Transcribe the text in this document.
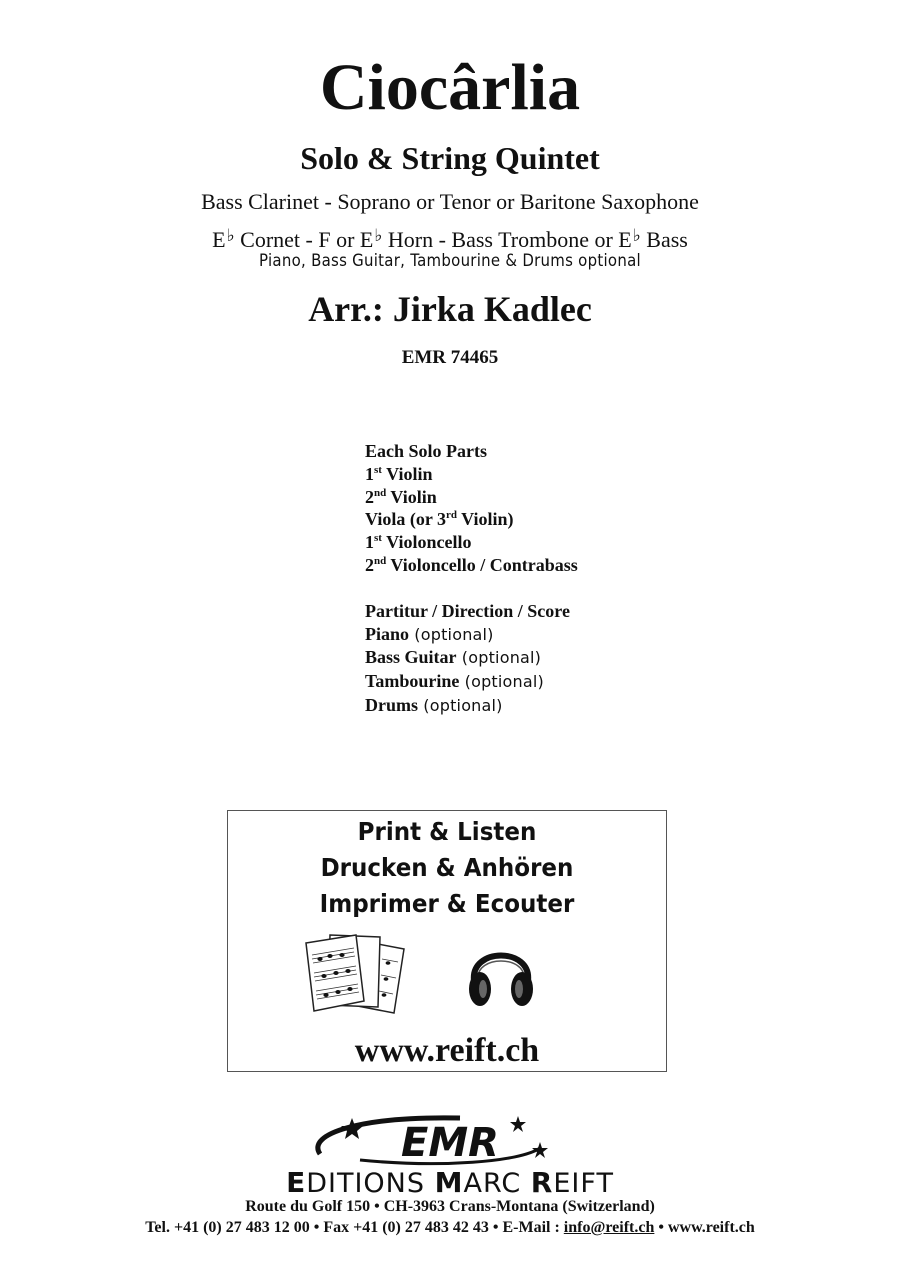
Ciocârlia
Solo & String Quintet
Bass Clarinet - Soprano or Tenor or Baritone Saxophone
E♭ Cornet - F or E♭ Horn - Bass Trombone or E♭ Bass
Piano, Bass Guitar, Tambourine & Drums optional
Arr.: Jirka Kadlec
EMR 74465
Each Solo Parts
1st Violin
2nd Violin
Viola (or 3rd Violin)
1st Violoncello
2nd Violoncello / Contrabass
Partitur / Direction / Score
Piano (optional)
Bass Guitar (optional)
Tambourine (optional)
Drums (optional)
Print & Listen
Drucken & Anhören
Imprimer & Ecouter
www.reift.ch
EMR
EDITIONS MARC REIFT
Route du Golf 150 • CH-3963 Crans-Montana (Switzerland)
Tel. +41 (0) 27 483 12 00 • Fax +41 (0) 27 483 42 43 • E-Mail : info@reift.ch • www.reift.ch
